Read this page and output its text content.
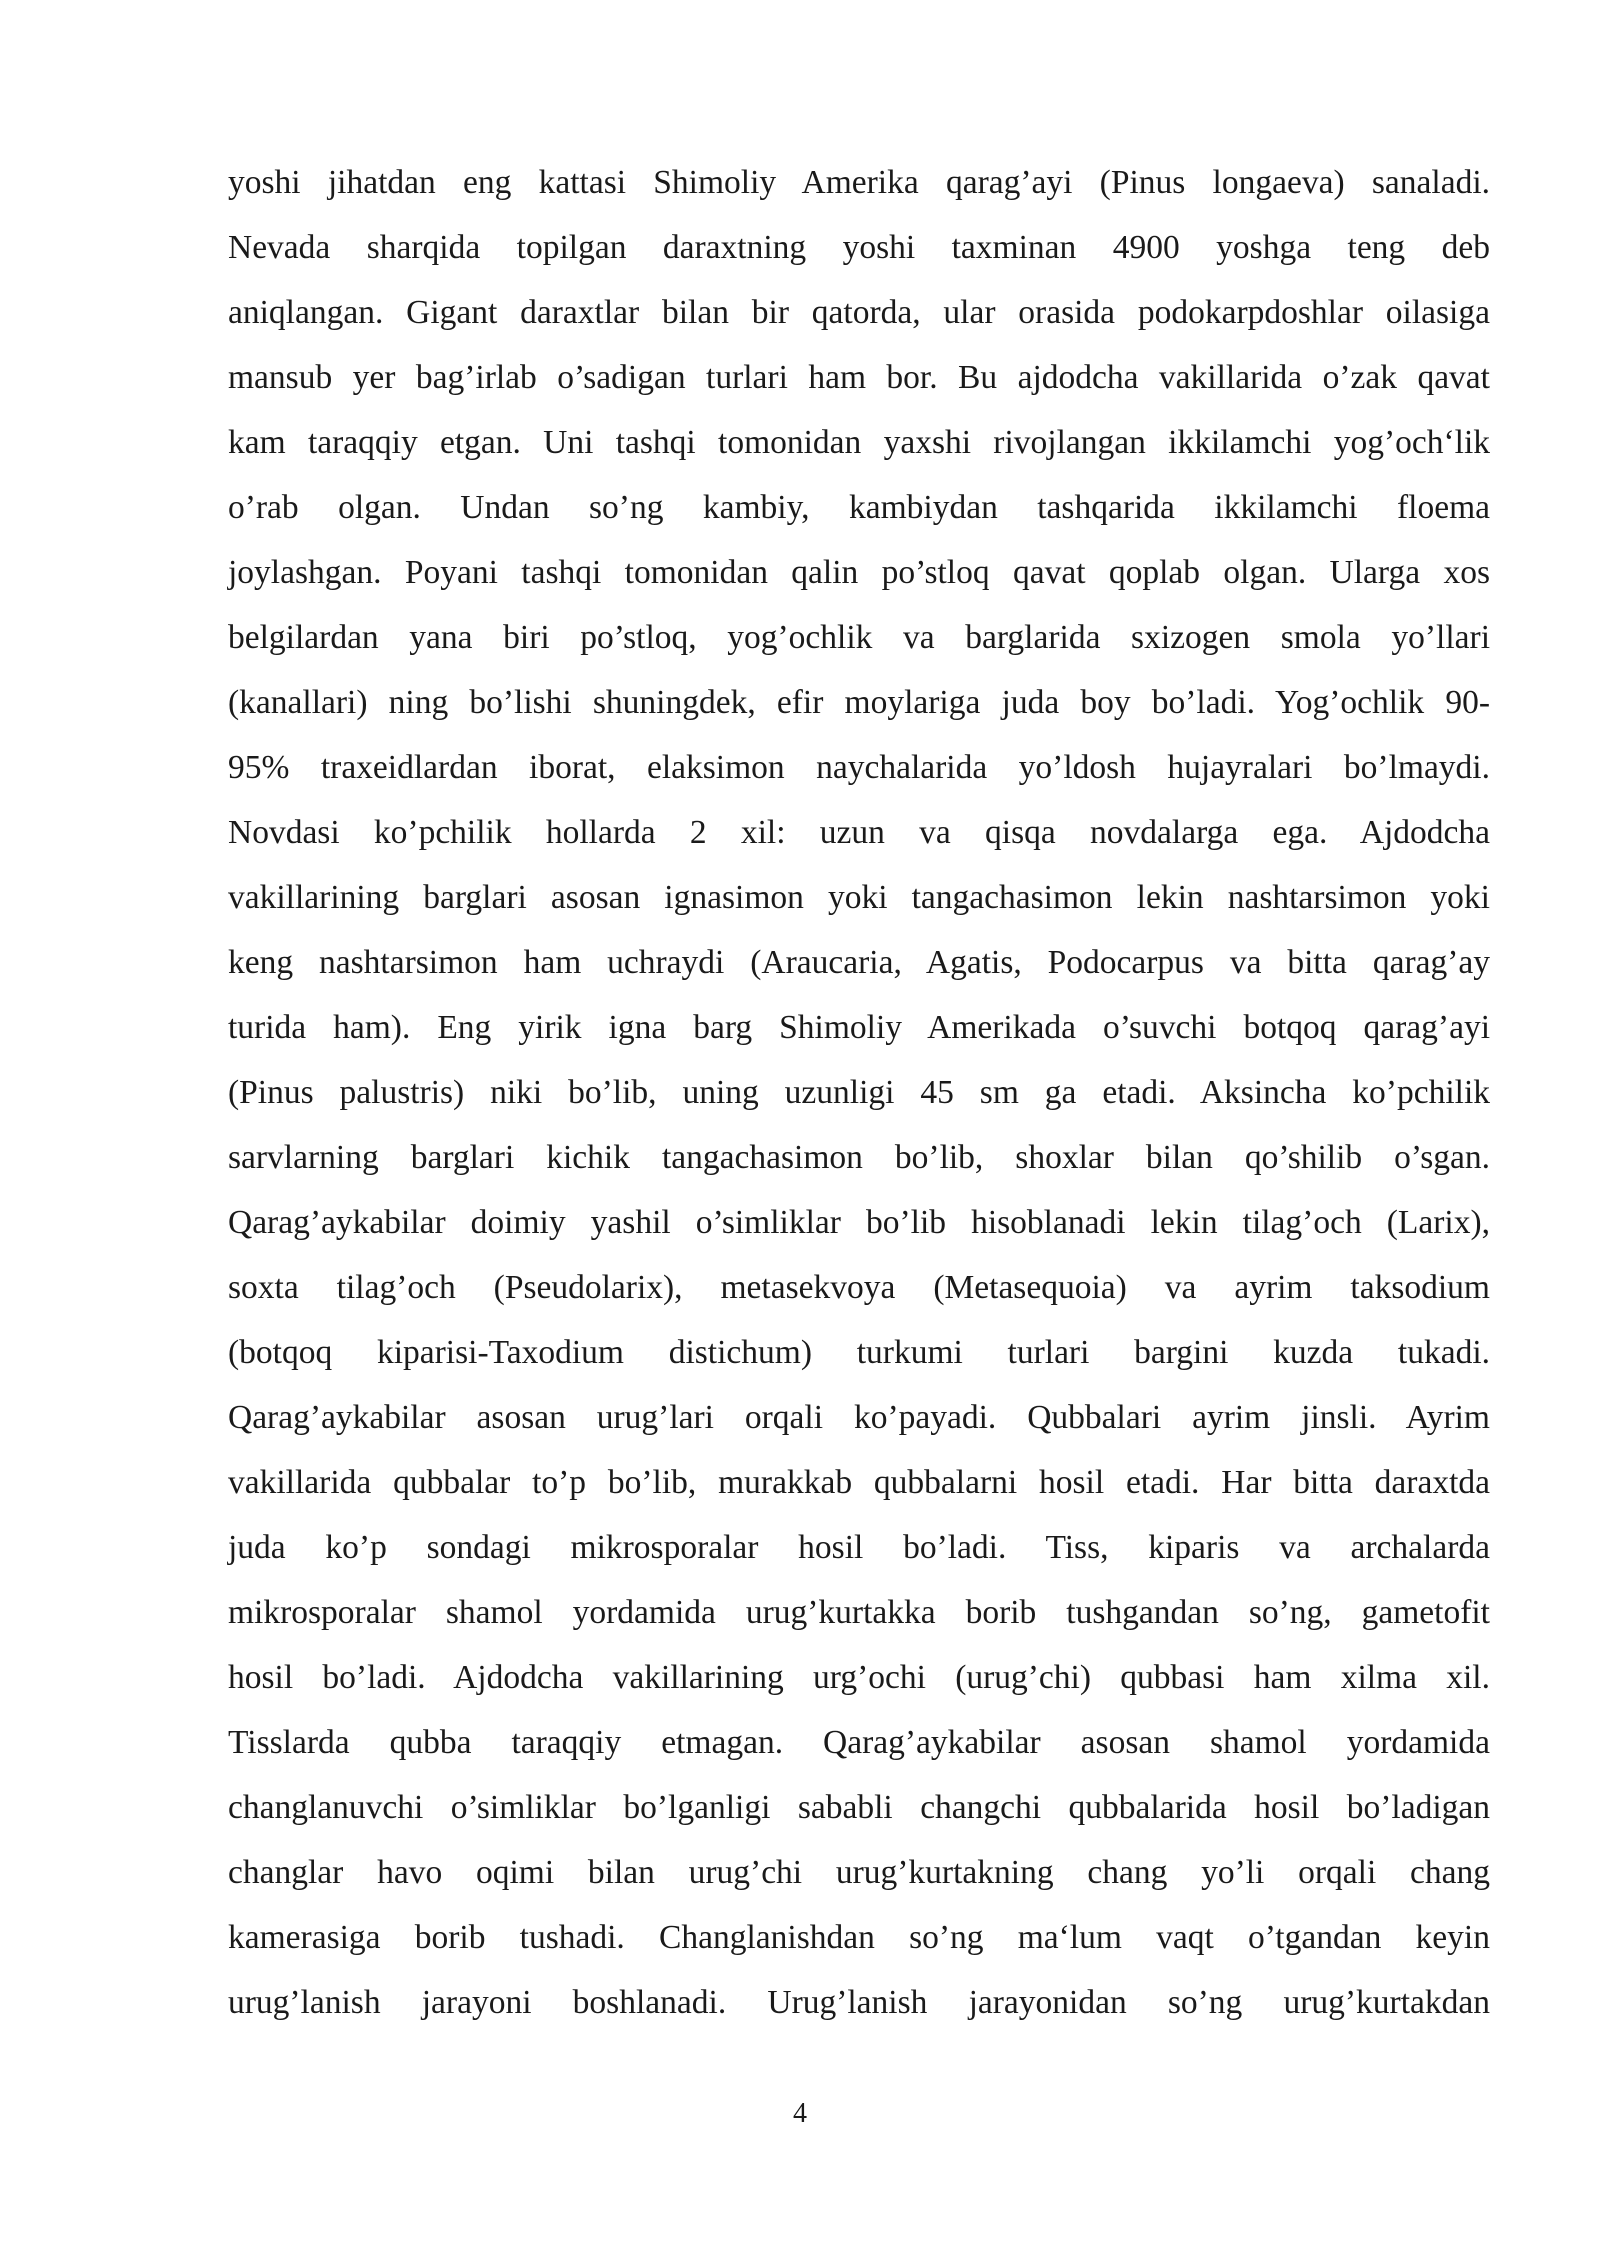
yoshi jihatdan eng kattasi Shimoliy Amerika qarag’ayi (Pinus longaeva) sanaladi.
Nevada sharqida topilgan daraxtning yoshi taxminan 4900 yoshga teng deb
aniqlangan. Gigant daraxtlar bilan bir qatorda, ular orasida podokarpdoshlar oilasiga
mansub yer bag’irlab o’sadigan turlari ham bor. Bu ajdodcha vakillarida o’zak qavat
kam taraqqiy etgan. Uni tashqi tomonidan yaxshi rivojlangan ikkilamchi yog’och‘lik
o’rab olgan. Undan so’ng kambiy, kambiydan tashqarida ikkilamchi floema
joylashgan. Poyani tashqi tomonidan qalin po’stloq qavat qoplab olgan. Ularga xos
belgilardan yana biri po’stloq, yog’ochlik va barglarida sxizogen smola yo’llari
(kanallari) ning bo’lishi shuningdek, efir moylariga juda boy bo’ladi. Yog’ochlik 90-
95% traxeidlardan iborat, elaksimon naychalarida yo’ldosh hujayralari bo’lmaydi.
Novdasi ko’pchilik hollarda 2 xil: uzun va qisqa novdalarga ega. Ajdodcha
vakillarining barglari asosan ignasimon yoki tangachasimon lekin nashtarsimon yoki
keng nashtarsimon ham uchraydi (Araucaria, Agatis, Podocarpus va bitta qarag’ay
turida ham). Eng yirik igna barg Shimoliy Amerikada o’suvchi botqoq qarag’ayi
(Pinus palustris) niki bo’lib, uning uzunligi 45 sm ga etadi. Aksincha ko’pchilik
sarvlarning barglari kichik tangachasimon bo’lib, shoxlar bilan qo’shilib o’sgan.
Qarag’aykabilar doimiy yashil o’simliklar bo’lib hisoblanadi lekin tilag’och (Larix),
soxta tilag’och (Pseudolarix), metasekvoya (Metasequoia) va ayrim taksodium
(botqoq kiparisi-Taxodium distichum) turkumi turlari bargini kuzda tukadi.
Qarag’aykabilar asosan urug’lari orqali ko’payadi. Qubbalari ayrim jinsli. Ayrim
vakillarida qubbalar to’p bo’lib, murakkab qubbalarni hosil etadi. Har bitta daraxtda
juda ko’p sondagi mikrosporalar hosil bo’ladi. Tiss, kiparis va archalarda
mikrosporalar shamol yordamida urug’kurtakka borib tushgandan so’ng, gametofit
hosil bo’ladi. Ajdodcha vakillarining urg’ochi (urug’chi) qubbasi ham xilma xil.
Tisslarda qubba taraqqiy etmagan. Qarag’aykabilar asosan shamol yordamida
changlanuvchi o’simliklar bo’lganligi sababli changchi qubbalarida hosil bo’ladigan
changlar havo oqimi bilan urug’chi urug’kurtakning chang yo’li orqali chang
kamerasiga borib tushadi. Changlanishdan so’ng ma‘lum vaqt o’tgandan keyin
urug’lanish jarayoni boshlanadi. Urug’lanish jarayonidan so’ng urug’kurtakdan
4
